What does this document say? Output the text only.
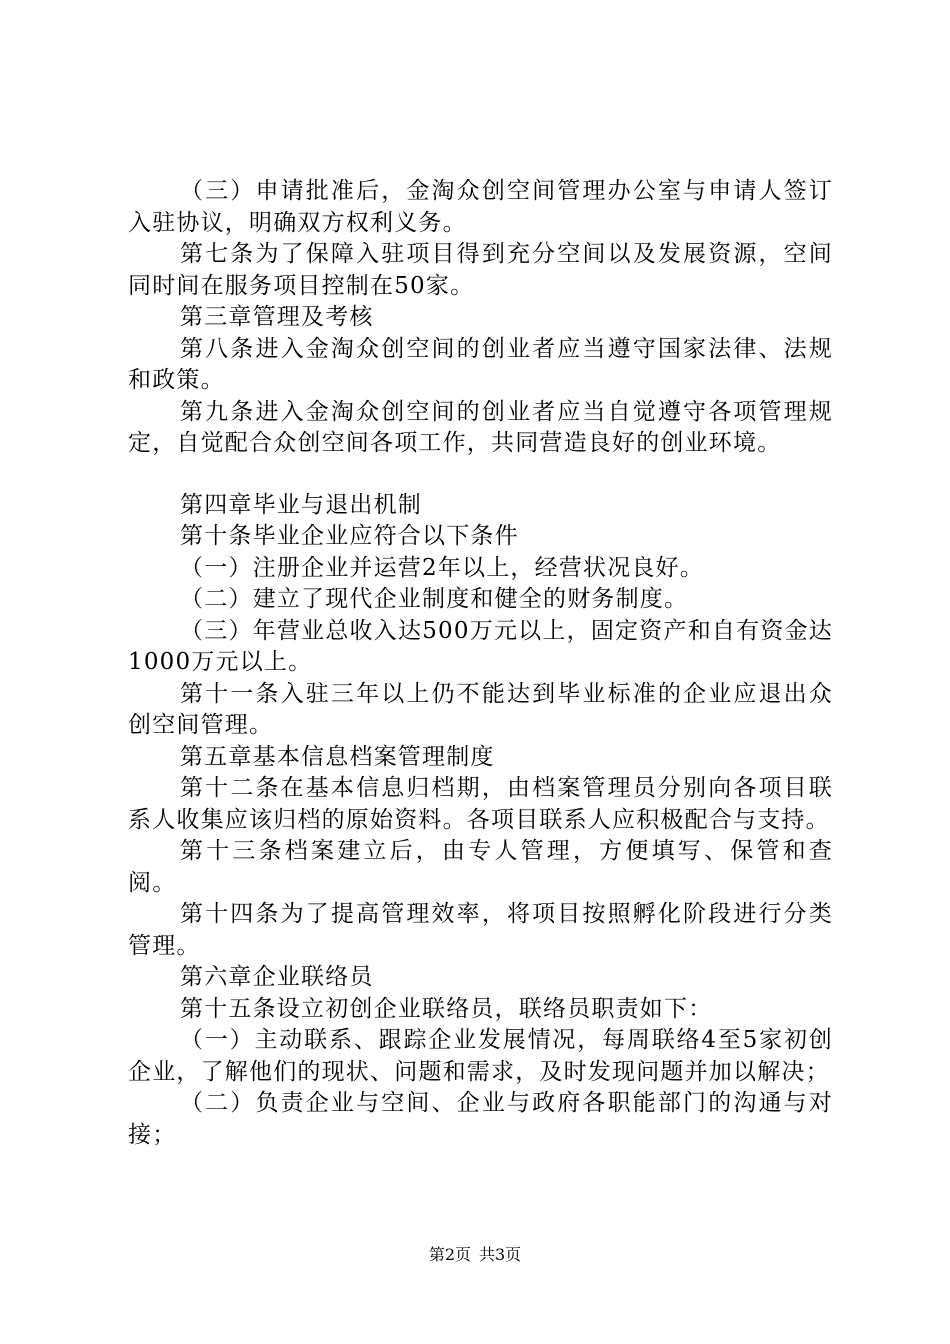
（三）申请批准后，金淘众创空间管理办公室与申请人签订入驻协议，明确双方权利义务。

第七条为了保障入驻项目得到充分空间以及发展资源，空间同时间在服务项目控制在50家。

第三章管理及考核

第八条进入金淘众创空间的创业者应当遵守国家法律、法规和政策。

第九条进入金淘众创空间的创业者应当自觉遵守各项管理规定，自觉配合众创空间各项工作，共同营造良好的创业环境。

第四章毕业与退出机制

第十条毕业企业应符合以下条件

（一）注册企业并运营2年以上，经营状况良好。

（二）建立了现代企业制度和健全的财务制度。

（三）年营业总收入达500万元以上，固定资产和自有资金达1000万元以上。

第十一条入驻三年以上仍不能达到毕业标准的企业应退出众创空间管理。

第五章基本信息档案管理制度

第十二条在基本信息归档期，由档案管理员分别向各项目联系人收集应该归档的原始资料。各项目联系人应积极配合与支持。

第十三条档案建立后，由专人管理，方便填写、保管和查阅。

第十四条为了提高管理效率，将项目按照孵化阶段进行分类管理。

第六章企业联络员

第十五条设立初创企业联络员，联络员职责如下：

（一）主动联系、跟踪企业发展情况，每周联络4至5家初创企业，了解他们的现状、问题和需求，及时发现问题并加以解决；

（二）负责企业与空间、企业与政府各职能部门的沟通与对接；

第2页 共3页
